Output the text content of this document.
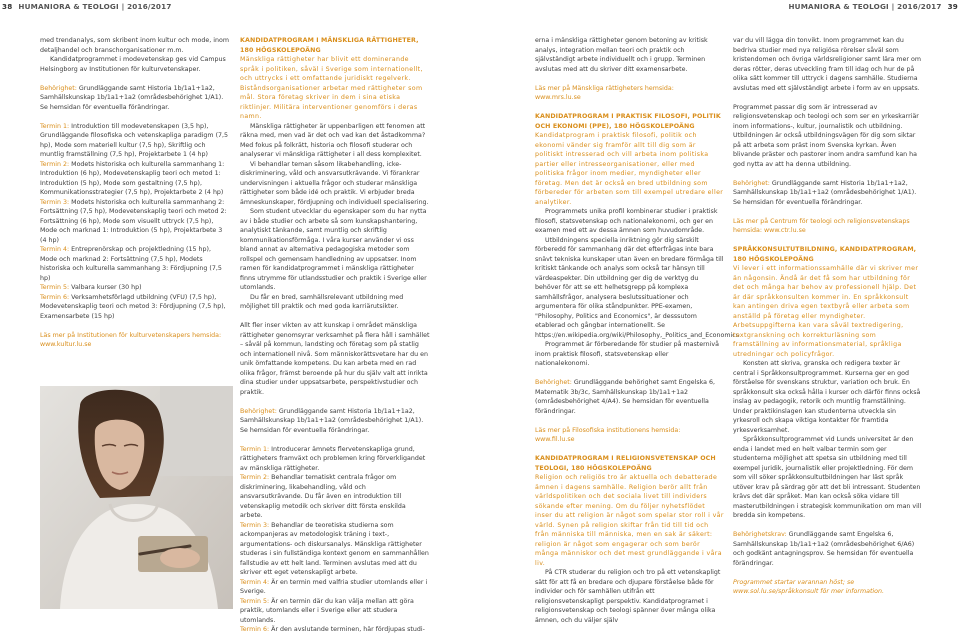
38 HUMANIORA & TEOLOGI | 2016/2017	HUMANIORA & TEOLOGI | 2016/2017 39

med trendanalys, som skribent inom kultur och mode, inom detaljhandel och branschorganisationer m.m.

Kandidatprogrammet i modevetenskap ges vid Campus Helsingborg av Institutionen för kulturvetenskaper.

Behörighet: Grundläggande samt Historia 1b/1a1+1a2, Samhällskunskap 1b/1a1+1a2 (områdesbehörighet 1/A1). Se hemsidan för eventuella förändringar.

Termin 1: Introduktion till modevetenskapen (3,5 hp), Grundläggande filosofiska och vetenskapliga paradigm (7,5 hp), Mode som materiell kultur (7,5 hp), Skriftlig och muntlig framställning (7,5 hp), Projektarbete 1 (4 hp)

Termin 2: Modets historiska och kulturella sammanhang 1: Introduktion (6 hp), Modevetenskaplig teori och metod 1: Introduktion (5 hp), Mode som gestaltning (7,5 hp), Kommunikationsstrategier (7,5 hp), Projektarbete 2 (4 hp)

Termin 3: Modets historiska och kulturella sammanhang 2: Fortsättning (7,5 hp), Modevetenskaplig teori och metod 2: Fortsättning (6 hp), Mode som visuellt uttryck (7,5 hp), Mode och marknad 1: Introduktion (5 hp), Projektarbete 3 (4 hp)

Termin 4: Entreprenörskap och projektledning (15 hp), Mode och marknad 2: Fortsättning (7,5 hp), Modets historiska och kulturella sammanhang 3: Fördjupning (7,5 hp)

Termin 5: Valbara kurser (30 hp)

Termin 6: Verksamhetsförlagd utbildning (VFU) (7,5 hp), Modevetenskaplig teori och metod 3: Fördjupning (7,5 hp), Examensarbete (15 hp)

Läs mer på Institutionen för kulturvetenskapers hemsida: www.kultur.lu.se

KANDIDATPROGRAM I MÄNSKLIGA RÄTTIGHETER, 180 HÖGSKOLEPOÄNG

Mänskliga rättigheter har blivit ett dominerande språk i politiken, såväl i Sverige som internationellt, och uttrycks i ett omfattande juridiskt regelverk. Biståndsorganisationer arbetar med rättigheter som mål. Stora företag skriver in dem i sina etiska riktlinjer. Militära interventioner genomförs i deras namn.

Mänskliga rättigheter är uppenbarligen ett fenomen att räkna med, men vad är det och vad kan det åstadkomma? Med fokus på folkrätt, historia och filosofi studerar och analyserar vi mänskliga rättigheter i all dess komplexitet.

Vi behandlar teman såsom likabehandling, icke-diskriminering, våld och ansvarsutkrävande. Vi förankrar undervisningen i aktuella frågor och studerar mänskliga rättigheter som både idé och praktik. Vi erbjuder breda ämneskunskaper, fördjupning och individuell specialisering.

Som student utvecklar du egenskaper som du har nytta av i både studier och arbete så som kunskapshantering, analytiskt tänkande, samt muntlig och skriftlig kommunikationsförmåga. I våra kurser använder vi oss bland annat av alternativa pedagogiska metoder som rollspel och gemensam handledning av uppsatser. Inom ramen för kandidatprogrammet i mänskliga rättigheter finns utrymme för utlandsstudier och praktik i Sverige eller utomlands.

Du får en bred, samhällsrelevant utbildning med möjlighet till praktik och med goda karriärutsikter.

Allt fler inser vikten av att kunskap i området mänskliga rättigheter genomsyrar verksamhet på flera håll i samhället – såväl på kommun, landsting och företag som på statlig och internationell nivå. Som människorättsvetare har du en unik ömfattande kompetens. Du kan arbeta med en rad olika frågor, främst beroende på hur du själv valt att inrikta dina studier under uppsatsarbete, perspektivstudier och praktik.

Behörighet: Grundläggande samt Historia 1b/1a1+1a2, Samhällskunskap 1b/1a1+1a2 (områdesbehörighet 1/A1). Se hemsidan för eventuella förändringar.

Termin 1: Introducerar ämnets flervetenskapliga grund, rättigheters framväxt och problemen kring förverkligandet av mänskliga rättigheter.

Termin 2: Behandlar tematiskt centrala frågor om diskriminering, likabehandling, våld och ansvarsutkrävande. Du får även en introduktion till vetenskaplig metodik och skriver ditt första enskilda arbete.

Termin 3: Behandlar de teoretiska studierna som ackompanjeras av metodologisk träning i text-, argumentations- och diskursanalys. Mänskliga rättigheter studeras i sin fullständiga kontext genom en sammanhållen fallstudie av ett helt land. Terminen avslutas med att du skriver ett eget vetenskapligt arbete.

Termin 4: Är en termin med valfria studier utomlands eller i Sverige.

Termin 5: Är en termin där du kan välja mellan att göra praktik, utomlands eller i Sverige eller att studera utomlands.

Termin 6: Är den avslutande terminen, här fördjupas studi-

erna i mänskliga rättigheter genom betoning av kritisk analys, integration mellan teori och praktik och självständigt arbete individuellt och i grupp. Terminen avslutas med att du skriver ditt examensarbete.

Läs mer på Mänskliga rättigheters hemsida:
www.mrs.lu.se

KANDIDATPROGRAM I PRAKTISK FILOSOFI, POLITIK OCH EKONOMI (PPE), 180 HÖGSKOLEPOÄNG

Kandidatprogram i praktisk filosofi, politik och ekonomi vänder sig framför allt till dig som är politiskt intresserad och vill arbeta inom politiska partier eller intresseorganisationer, eller med politiska frågor inom medier, myndigheter eller företag. Men det är också en bred utbildning som förbereder för arbeten som till exempel utredare eller analytiker.

Programmets unika profil kombinerar studier i praktisk filosofi, statsvetenskap och nationalekonomi, och ger en examen med ett av dessa ämnen som huvudområde.

Utbildningens speciella inriktning gör dig särskilt förberedd för sammanhang där det efterfrågas inte bara snävt tekniska kunskaper utan även en bredare förmåga till kritiskt tänkande och analys som också tar hänsyn till värdeaspekter. Din utbildning ger dig de verktyg du behöver för att se ett helhetsgrepp på komplexa samhällsfrågor, analysera beslutssituationer och argumentera för olika ståndpunkter. PPE-examen, "Philosophy, Politics and Economics", är desssutom etablerad och gångbar internationellt. Se https://en.wikipedia.org/wiki/Philosophy,_Politics_and_Economics

Programmet är förberedande för studier på masternivå inom praktisk filosofi, statsvetenskap eller nationalekonomi.

Behörighet: Grundläggande behörighet samt Engelska 6, Matematik 3b/3c, Samhällskunskap 1b/1a1+1a2 (områdesbehörighet 4/A4). Se hemsidan för eventuella förändringar.

Läs mer på Filosofiska institutionens hemsida:
www.fil.lu.se

KANDIDATPROGRAM I RELIGIONSVETENSKAP OCH TEOLOGI, 180 HÖGSKOLEPOÄNG

Religion och religiös tro är aktuella och debatterade ämnen i dagens samhälle. Religion berör allt från världspolitiken och det sociala livet till individers sökande efter mening. Om du följer nyhetsflödet inser du att religion är något som spelar stor roll i vår värld. Synen på religion skiftar från tid till tid och från människa till människa, men en sak är säkert: religion är något som engagerar och som berör många människor och det mest grundläggande i våra liv.

På CTR studerar du religion och tro på ett vetenskapligt sätt för att få en bredare och djupare förståelse både för individer och för samhällen utifrån ett religionsvetenskapligt perspektiv. Kandidatprogramet i religionsvetenskap och teologi spänner över många olika ämnen, och du väljer själv

var du vill lägga din tonvikt. Inom programmet kan du bedriva studier med nya religiösa rörelser såväl som kristendomen och övriga världsreligioner samt lära mer om deras rötter, deras utveckling fram till idag och hur de på olika sätt kommer till uttryck i dagens samhälle. Studierna avslutas med ett självständigt arbete i form av en uppsats.

Programmet passar dig som är intresserad av religionsvetenskap och teologi och som ser en yrkeskarriär inom informations-, kultur, journalistik och utbildning. Utbildningen är också utbildningsvägen för dig som siktar på att arbeta som präst inom Svenska kyrkan. Även blivande präster och pastorer inom andra samfund kan ha god nytta av att ha denna utbildning.

Behörighet: Grundläggande samt Historia 1b/1a1+1a2, Samhällskunskap 1b/1a1+1a2 (områdesbehörighet 1/A1). Se hemsidan för eventuella förändringar.

Läs mer på Centrum för teologi och religionsvetenskaps hemsida: www.ctr.lu.se

SPRÅKKONSULTUTBILDNING, KANDIDATPROGRAM, 180 HÖGSKOLEPOÄNG

Vi lever i ett informationssamhälle där vi skriver mer än någonsin. Ändå är det få som har utbildning för det och många har behov av professionell hjälp. Det är där språkkonsulten kommer in. En språkkonsult kan antingen driva egen textbyrå eller arbeta som anställd på företag eller myndigheter. Arbetsuppgifterna kan vara såväl textredigering, textgranskning och korrekturläsning som framställning av informationsmaterial, språkliga utredningar och policyfrågor.

Konsten att skriva, granska och redigera texter är central i Språkkonsultprogrammet. Kurserna ger en god förståelse för svenskans struktur, variation och bruk. En språkkonsult ska också hålla i kurser och därför finns också inslag av pedagogik, retorik och muntlig framställning. Under praktikinslagen kan studenterna utveckla sin yrkesroll och skapa viktiga kontakter för framtida yrkesverksamhet.

Språkkonsultprogrammet vid Lunds universitet är den enda i landet med en helt valbar termin som ger studenterna möjlighet att spetsa sin utbildning med till exempel juridik, journalistik eller projektledning. För dem som vill söker språkkonsultutbildningen har läst språk utöver krav på särdrag gör att det bli intressant. Studenten krävs det där språket. Man kan också söka vidare till masterutbildningen i strategisk kommunikation om man vill bredda sin kompetens.

Behörighetskrav: Grundläggande samt Engelska 6, Samhällskunskap 1b/1a1+1a2 (områdesbehörighet 6/A6) och godkänt antagningsprov. Se hemsidan för eventuella förändringar.

Programmet startar varannan höst; se www.sol.lu.se/språkkonsult för mer information.
